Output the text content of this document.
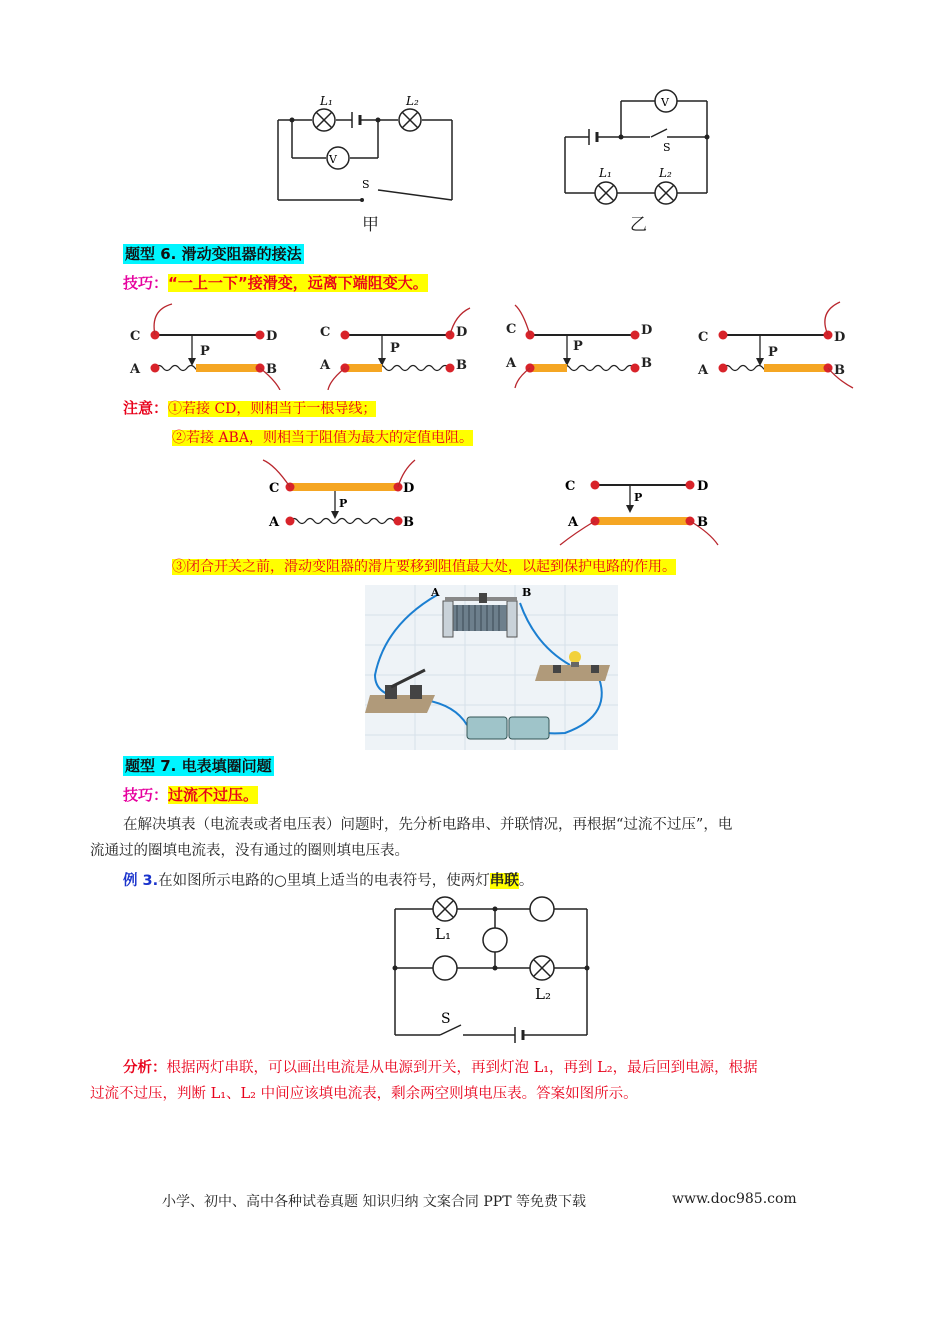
V
L₁	L₂
S
甲
V
S
L₁	L₂
乙
题型 6. 滑动变阻器的接法
技巧：“一上一下”接滑变，远离下端阻变大。
C	D
A	B
P
C	D
A	B
P
C	D
A	B
P
C	D
A	B
P
注意：①若接 CD，则相当于一根导线；
②若接 ABA，则相当于阻值为最大的定值电阻。
C	D
A	B
P
C	D
A	B
P
③闭合开关之前，滑动变阻器的滑片要移到阻值最大处，以起到保护电路的作用。
A	B
题型 7. 电表填圈问题
技巧：过流不过压。
在解决填表（电流表或者电压表）问题时，先分析电路串、并联情况，再根据“过流不过压”，电
流通过的圈填电流表，没有通过的圈则填电压表。
例 3.在如图所示电路的○里填上适当的电表符号，使两灯串联。
L₁
L₂
S
分析：根据两灯串联，可以画出电流是从电源到开关，再到灯泡 L₁，再到 L₂，最后回到电源，根据
过流不过压，判断 L₁、L₂ 中间应该填电流表，剩余两空则填电压表。答案如图所示。
小学、初中、高中各种试卷真题 知识归纳 文案合同 PPT 等免费下载	www.doc985.com
